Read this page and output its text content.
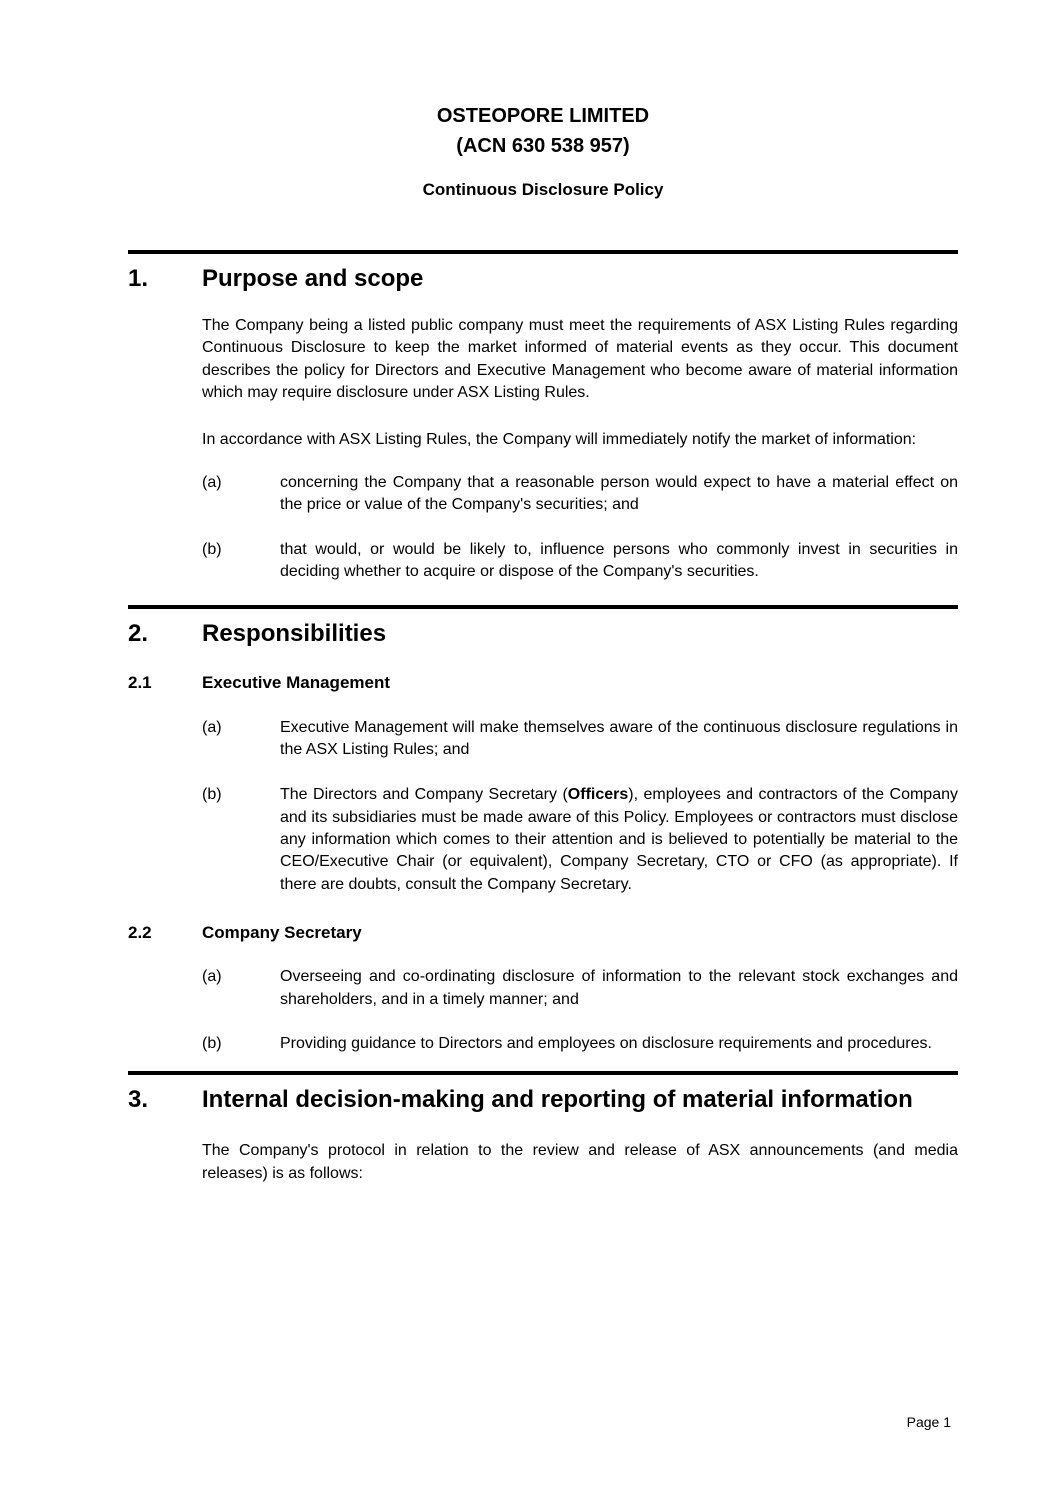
OSTEOPORE LIMITED
(ACN 630 538 957)
Continuous Disclosure Policy
1.	Purpose and scope

The Company being a listed public company must meet the requirements of ASX Listing Rules regarding Continuous Disclosure to keep the market informed of material events as they occur. This document describes the policy for Directors and Executive Management who become aware of material information which may require disclosure under ASX Listing Rules.

In accordance with ASX Listing Rules, the Company will immediately notify the market of information:

(a)	concerning the Company that a reasonable person would expect to have a material effect on the price or value of the Company's securities; and
(b)	that would, or would be likely to, influence persons who commonly invest in securities in deciding whether to acquire or dispose of the Company's securities.
2.	Responsibilities
2.1	Executive Management
(a)	Executive Management will make themselves aware of the continuous disclosure regulations in the ASX Listing Rules; and
(b)	The Directors and Company Secretary (Officers), employees and contractors of the Company and its subsidiaries must be made aware of this Policy. Employees or contractors must disclose any information which comes to their attention and is believed to potentially be material to the CEO/Executive Chair (or equivalent), Company Secretary, CTO or CFO (as appropriate). If there are doubts, consult the Company Secretary.
2.2	Company Secretary
(a)	Overseeing and co-ordinating disclosure of information to the relevant stock exchanges and shareholders, and in a timely manner; and
(b)	Providing guidance to Directors and employees on disclosure requirements and procedures.
3.	Internal decision-making and reporting of material information

The Company's protocol in relation to the review and release of ASX announcements (and media releases) is as follows:

Page 1
